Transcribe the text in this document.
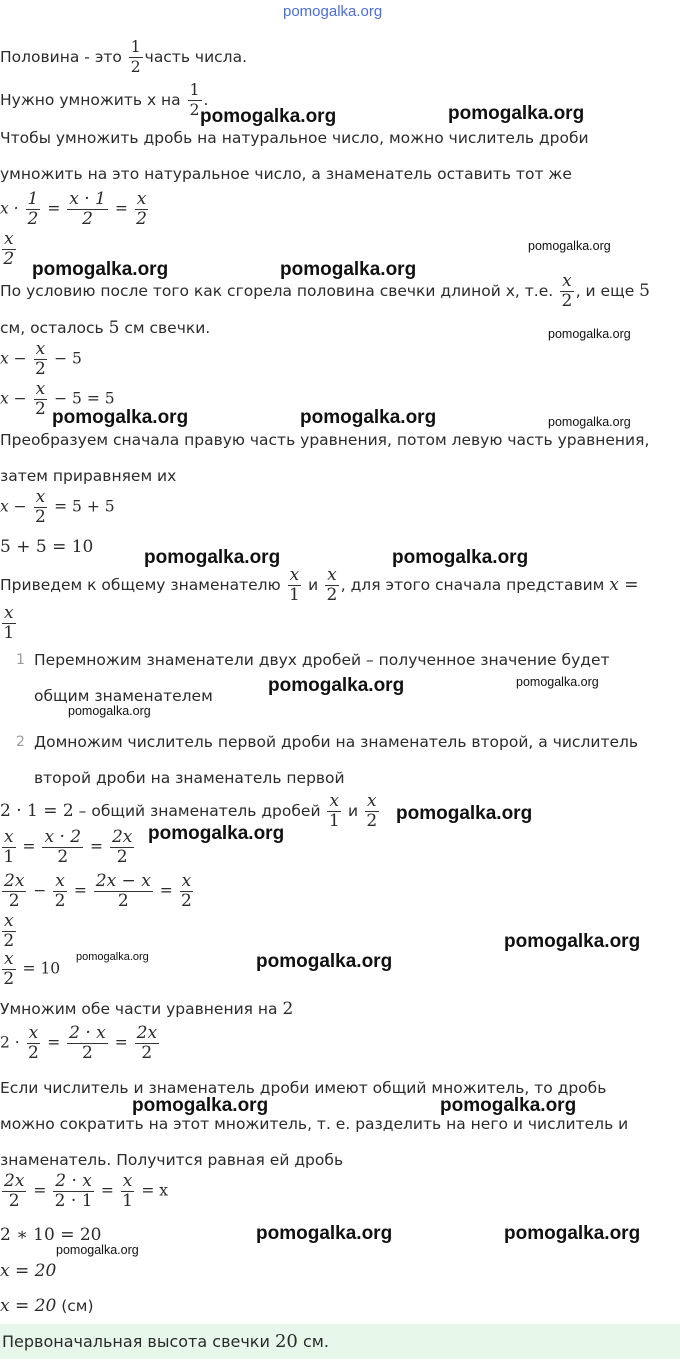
pomogalka.org
Половина - это $\frac{1}{2}$ часть числа.
Нужно умножить x на $\frac{1}{2}$ .
Чтобы умножить дробь на натуральное число, можно числитель дроби
умножить на это натуральное число, а знаменатель оставить тот же
$x \cdot \frac{1}{2} = \frac{x \cdot 1}{2} = \frac{x}{2}$
$\frac{x}{2}$
По условию после того как сгорела половина свечки длиной x, т.е. $\frac{x}{2}$ , и еще 5
см, осталось 5 см свечки.
$x - \frac{x}{2} - 5$
$x - \frac{x}{2} - 5 = 5$
Преобразуем сначала правую часть уравнения, потом левую часть уравнения,
затем приравняем их
$x - \frac{x}{2} = 5 + 5$
5 + 5 = 10
Приведем к общему знаменателю $\frac{x}{1}$ и $\frac{x}{2}$ , для этого сначала представим x =
$\frac{x}{1}$
1 Перемножим знаменатели двух дробей – полученное значение будет
общим знаменателем
2 Домножим числитель первой дроби на знаменатель второй, а числитель
второй дроби на знаменатель первой
2 · 1 = 2 – общий знаменатель дробей $\frac{x}{1}$ и $\frac{x}{2}$
$\frac{x}{1} = \frac{x \cdot 2}{2} = \frac{2x}{2}$
$\frac{2x}{2} - \frac{x}{2} = \frac{2x - x}{2} = \frac{x}{2}$
$\frac{x}{2}$
$\frac{x}{2} = 10$
Умножим обе части уравнения на 2
$2 \cdot \frac{x}{2} = \frac{2 \cdot x}{2} = \frac{2x}{2}$
Если числитель и знаменатель дроби имеют общий множитель, то дробь
можно сократить на этот множитель, т. е. разделить на него и числитель и
знаменатель. Получится равная ей дробь
$\frac{2x}{2} = \frac{2 \cdot x}{2 \cdot 1} = \frac{x}{1} = x$
2 ∗ 10 = 20
x = 20
x = 20 (см)
Первоначальная высота свечки 20 см.
pomogalka.org	pomogalka.org
pomogalka.org
pomogalka.org	pomogalka.org
pomogalka.org
pomogalka.org	pomogalka.org	pomogalka.org
pomogalka.org	pomogalka.org
pomogalka.org	pomogalka.org
pomogalka.org
pomogalka.org
pomogalka.org
pomogalka.org
pomogalka.org	pomogalka.org
pomogalka.org	pomogalka.org
pomogalka.org	pomogalka.org
pomogalka.org
